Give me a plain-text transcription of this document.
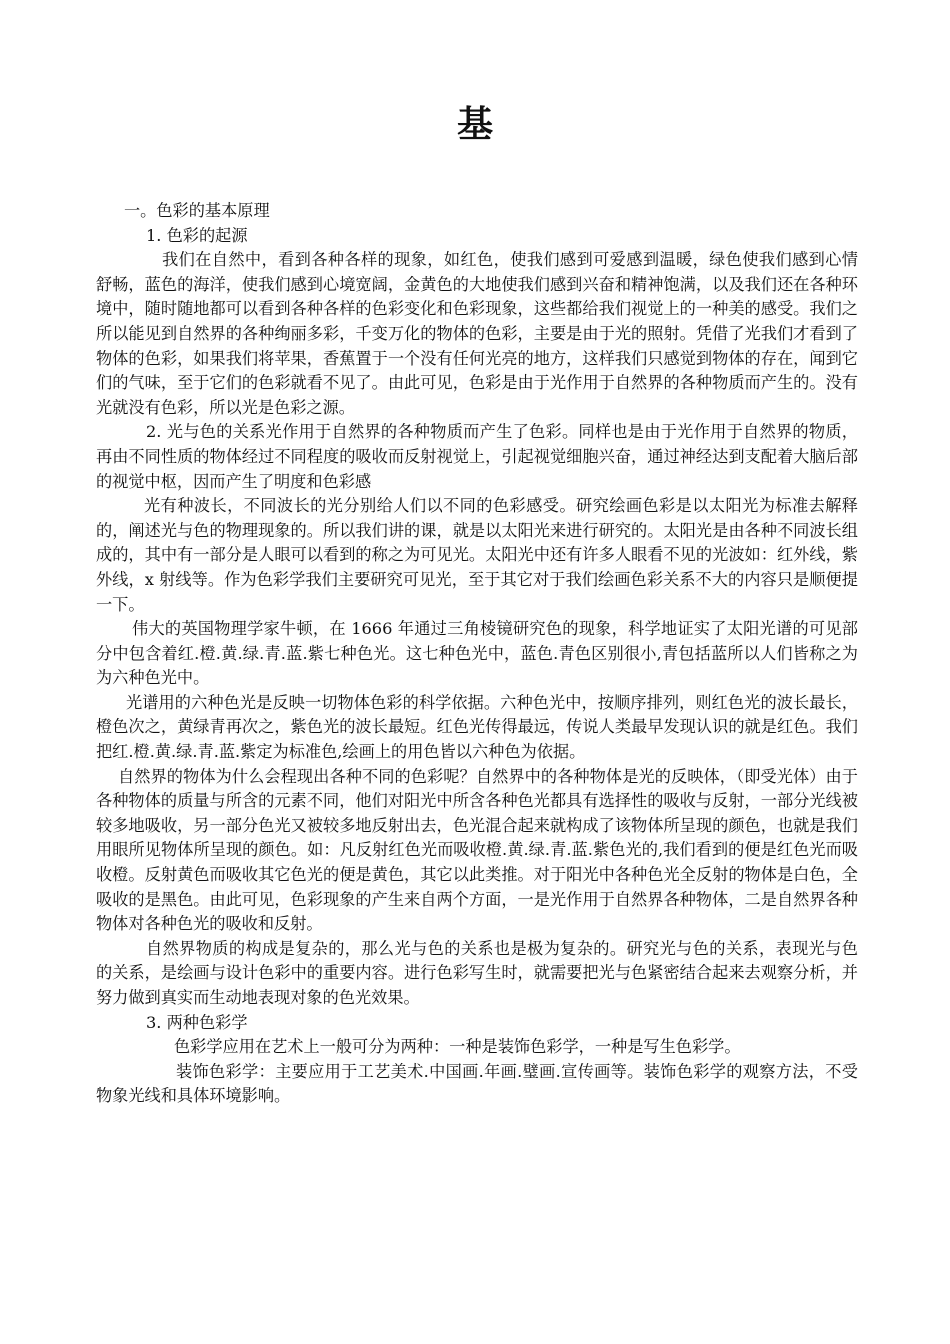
基
一。色彩的基本原理
1. 色彩的起源

我们在自然中，看到各种各样的现象，如红色，使我们感到可爱感到温暖，绿色使我们感到心情舒畅，蓝色的海洋，使我们感到心境宽阔，金黄色的大地使我们感到兴奋和精神饱满，以及我们还在各种环境中，随时随地都可以看到各种各样的色彩变化和色彩现象，这些都给我们视觉上的一种美的感受。我们之所以能见到自然界的各种绚丽多彩，千变万化的物体的色彩，主要是由于光的照射。凭借了光我们才看到了物体的色彩，如果我们将苹果，香蕉置于一个没有任何光亮的地方，这样我们只感觉到物体的存在，闻到它们的气味，至于它们的色彩就看不见了。由此可见，色彩是由于光作用于自然界的各种物质而产生的。没有光就没有色彩，所以光是色彩之源。

2. 光与色的关系光作用于自然界的各种物质而产生了色彩。同样也是由于光作用于自然界的物质，再由不同性质的物体经过不同程度的吸收而反射视觉上，引起视觉细胞兴奋，通过神经达到支配着大脑后部的视觉中枢，因而产生了明度和色彩感

光有种波长，不同波长的光分别给人们以不同的色彩感受。研究绘画色彩是以太阳光为标准去解释的，阐述光与色的物理现象的。所以我们讲的课，就是以太阳光来进行研究的。太阳光是由各种不同波长组成的，其中有一部分是人眼可以看到的称之为可见光。太阳光中还有许多人眼看不见的光波如：红外线，紫外线，x 射线等。作为色彩学我们主要研究可见光，至于其它对于我们绘画色彩关系不大的内容只是顺便提一下。

伟大的英国物理学家牛顿，在 1666 年通过三角棱镜研究色的现象，科学地证实了太阳光谱的可见部分中包含着红.橙.黄.绿.青.蓝.紫七种色光。这七种色光中，蓝色.青色区别很小,青包括蓝所以人们皆称之为为六种色光中。

光谱用的六种色光是反映一切物体色彩的科学依据。六种色光中，按顺序排列，则红色光的波长最长，橙色次之，黄绿青再次之，紫色光的波长最短。红色光传得最远，传说人类最早发现认识的就是红色。我们把红.橙.黄.绿.青.蓝.紫定为标准色,绘画上的用色皆以六种色为依据。

自然界的物体为什么会程现出各种不同的色彩呢？自然界中的各种物体是光的反映体，（即受光体）由于各种物体的质量与所含的元素不同，他们对阳光中所含各种色光都具有选择性的吸收与反射，一部分光线被较多地吸收，另一部分色光又被较多地反射出去，色光混合起来就构成了该物体所呈现的颜色，也就是我们用眼所见物体所呈现的颜色。如：凡反射红色光而吸收橙.黄.绿.青.蓝.紫色光的,我们看到的便是红色光而吸收橙。反射黄色而吸收其它色光的便是黄色，其它以此类推。对于阳光中各种色光全反射的物体是白色，全吸收的是黑色。由此可见，色彩现象的产生来自两个方面，一是光作用于自然界各种物体，二是自然界各种物体对各种色光的吸收和反射。

自然界物质的构成是复杂的，那么光与色的关系也是极为复杂的。研究光与色的关系，表现光与色的关系，是绘画与设计色彩中的重要内容。进行色彩写生时，就需要把光与色紧密结合起来去观察分析，并努力做到真实而生动地表现对象的色光效果。

3. 两种色彩学

色彩学应用在艺术上一般可分为两种：一种是装饰色彩学，一种是写生色彩学。

装饰色彩学：主要应用于工艺美术.中国画.年画.璧画.宣传画等。装饰色彩学的观察方法，不受物象光线和具体环境影响。
